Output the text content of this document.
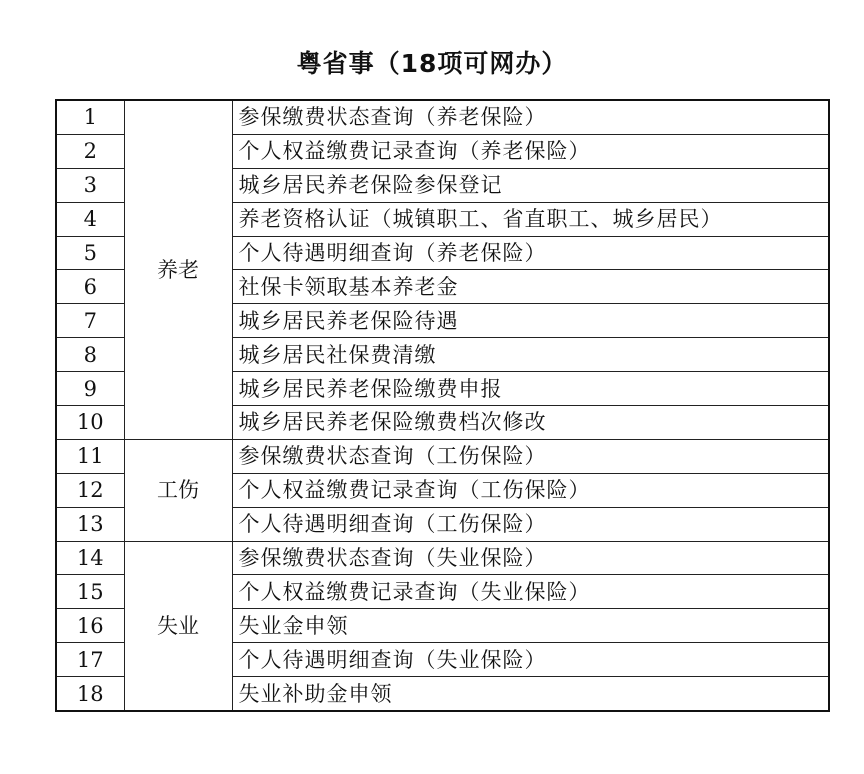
粤省事（18项可网办）
1	养老	参保缴费状态查询（养老保险）
2		个人权益缴费记录查询（养老保险）
3		城乡居民养老保险参保登记
4		养老资格认证（城镇职工、省直职工、城乡居民）
5		个人待遇明细查询（养老保险）
6		社保卡领取基本养老金
7		城乡居民养老保险待遇
8		城乡居民社保费清缴
9		城乡居民养老保险缴费申报
10		城乡居民养老保险缴费档次修改
11	工伤	参保缴费状态查询（工伤保险）
12		个人权益缴费记录查询（工伤保险）
13		个人待遇明细查询（工伤保险）
14	失业	参保缴费状态查询（失业保险）
15		个人权益缴费记录查询（失业保险）
16		失业金申领
17		个人待遇明细查询（失业保险）
18		失业补助金申领
